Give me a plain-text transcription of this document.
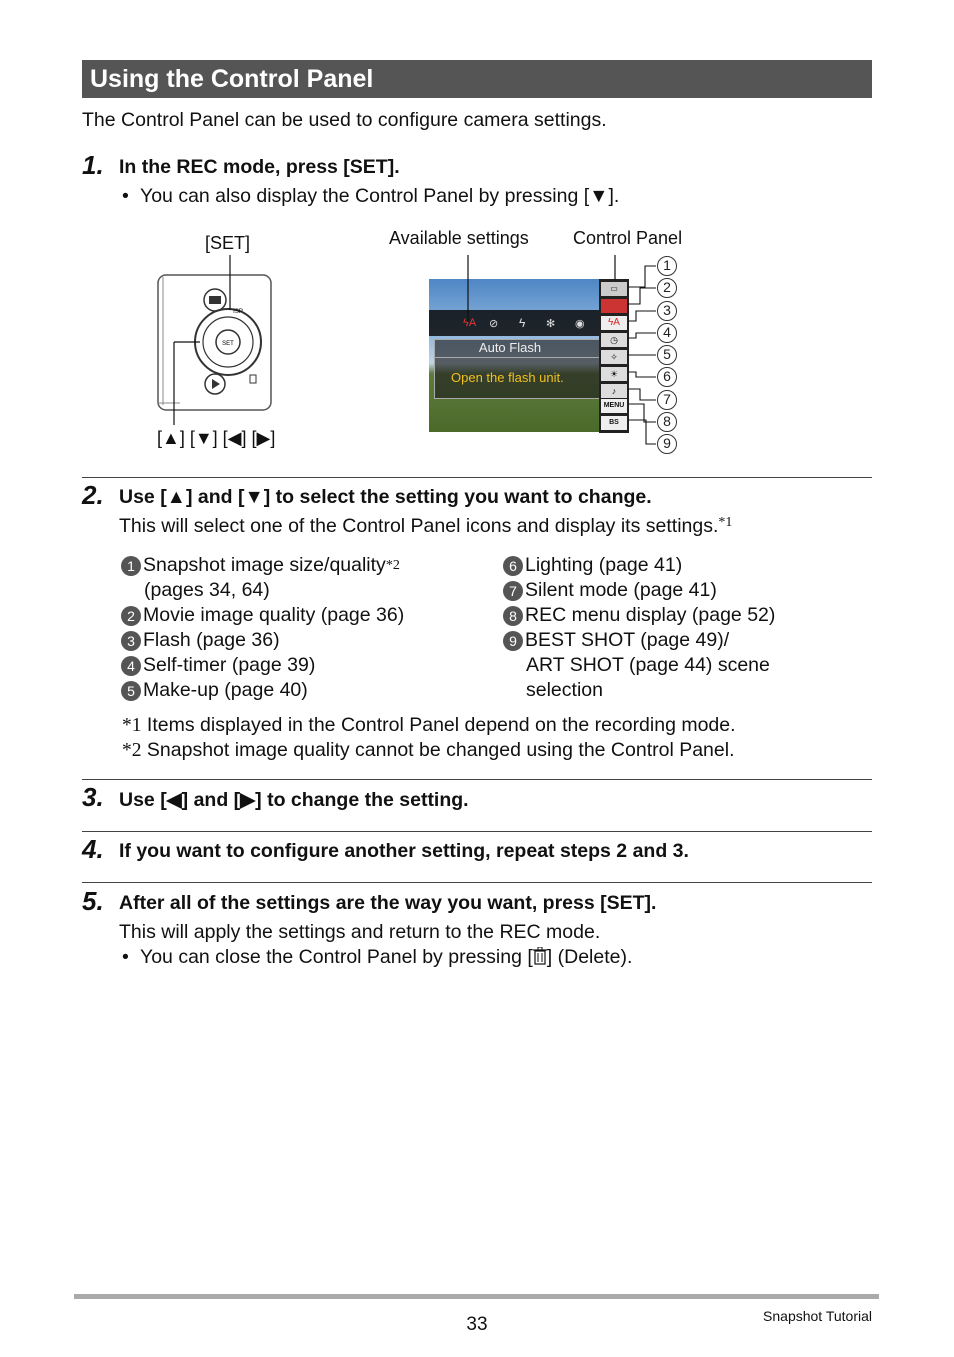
Using the Control Panel
The Control Panel can be used to configure camera settings.
1. In the REC mode, press [SET].
• You can also display the Control Panel by pressing [▼].
[SET]	Available settings Control Panel
[▲] [▼] [◀] [▶]
SET
ISP
ϟA ⊘ ϟ ✻ ◉
Auto Flash
Open the flash unit.
▭
ϟA
◷
✧
☀
♪
MENU
BS
1
2
3
4
5
6
7
8
9
2. Use [▲] and [▼] to select the setting you want to change.
This will select one of the Control Panel icons and display its settings.$^{*1}$
1 Snapshot image size/quality$^{*2}$
(pages 34, 64)
2 Movie image quality (page 36)
3 Flash (page 36)
4 Self-timer (page 39)
5 Make-up (page 40)
6 Lighting (page 41)
7 Silent mode (page 41)
8 REC menu display (page 52)
9 BEST SHOT (page 49)/
ART SHOT (page 44) scene
selection
*1 Items displayed in the Control Panel depend on the recording mode.
*2 Snapshot image quality cannot be changed using the Control Panel.
3. Use [◀] and [▶] to change the setting.
4. If you want to configure another setting, repeat steps 2 and 3.
5. After all of the settings are the way you want, press [SET].
This will apply the settings and return to the REC mode.
• You can close the Control Panel by pressing [ ] (Delete).
33	Snapshot Tutorial
